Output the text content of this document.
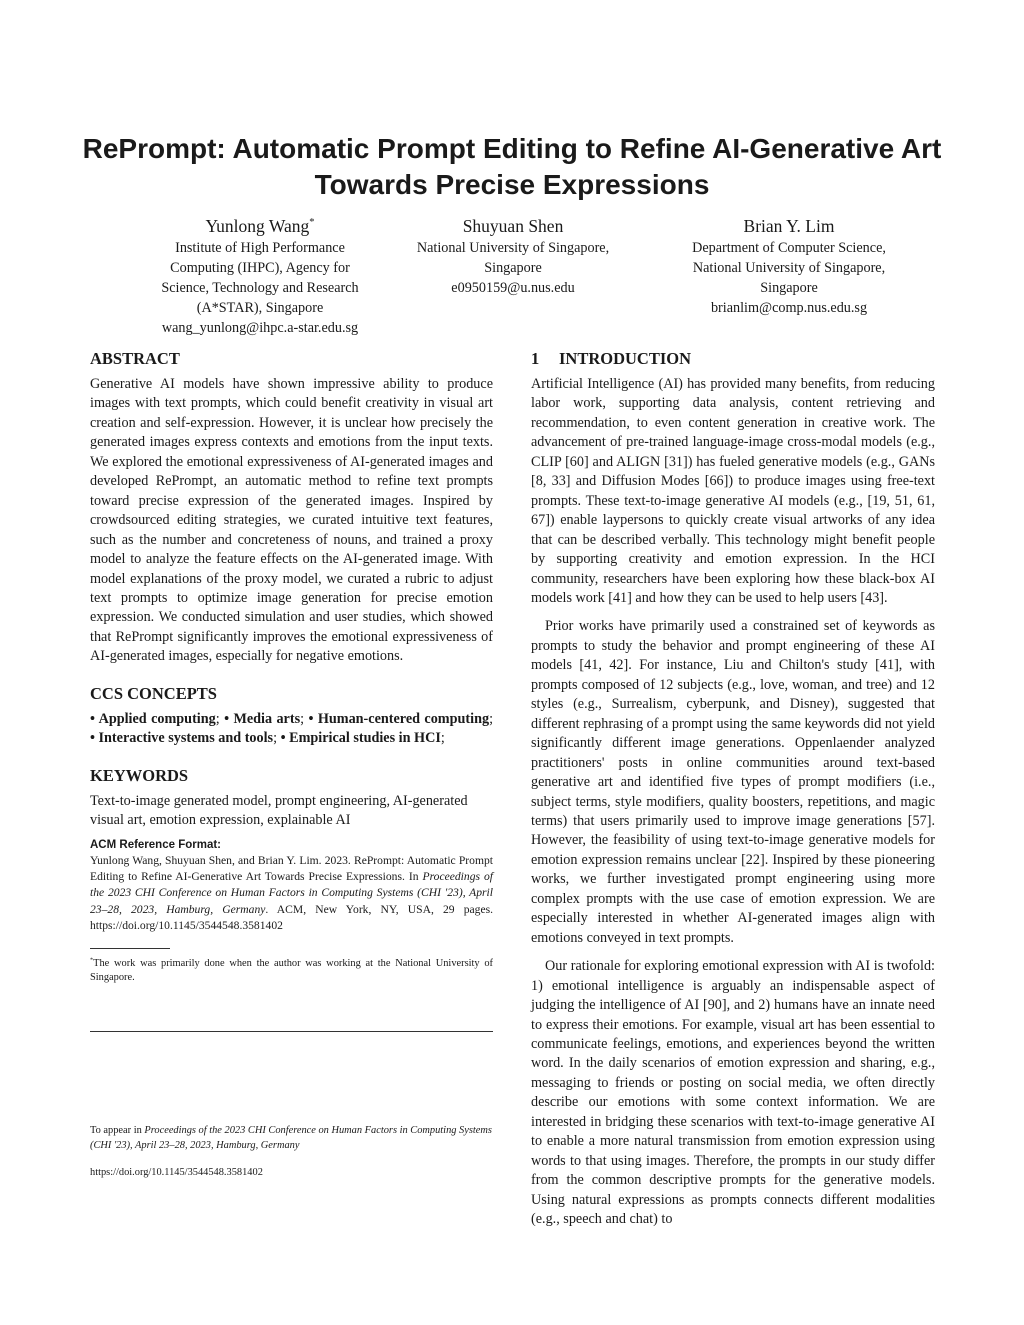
RePrompt: Automatic Prompt Editing to Refine AI-Generative Art
Towards Precise Expressions
Yunlong Wang*
Institute of High Performance
Computing (IHPC), Agency for
Science, Technology and Research
(A*STAR), Singapore
wang_yunlong@ihpc.a-star.edu.sg
Shuyuan Shen
National University of Singapore,
Singapore
e0950159@u.nus.edu
Brian Y. Lim
Department of Computer Science,
National University of Singapore,
Singapore
brianlim@comp.nus.edu.sg
ABSTRACT

Generative AI models have shown impressive ability to produce images with text prompts, which could benefit creativity in visual art creation and self-expression. However, it is unclear how precisely the generated images express contexts and emotions from the input texts. We explored the emotional expressiveness of AI-generated images and developed RePrompt, an automatic method to refine text prompts toward precise expression of the generated images. Inspired by crowdsourced editing strategies, we curated intuitive text features, such as the number and concreteness of nouns, and trained a proxy model to analyze the feature effects on the AI-generated image. With model explanations of the proxy model, we curated a rubric to adjust text prompts to optimize image generation for precise emotion expression. We conducted simulation and user studies, which showed that RePrompt significantly improves the emotional expressiveness of AI-generated images, especially for negative emotions.

CCS CONCEPTS
• Applied computing; • Media arts; • Human-centered computing; • Interactive systems and tools; • Empirical studies in HCI;
KEYWORDS

Text-to-image generated model, prompt engineering, AI-generated visual art, emotion expression, explainable AI

ACM Reference Format:
Yunlong Wang, Shuyuan Shen, and Brian Y. Lim. 2023. RePrompt: Automatic Prompt Editing to Refine AI-Generative Art Towards Precise Expressions. In Proceedings of the 2023 CHI Conference on Human Factors in Computing Systems (CHI '23), April 23–28, 2023, Hamburg, Germany. ACM, New York, NY, USA, 29 pages. https://doi.org/10.1145/3544548.3581402
*The work was primarily done when the author was working at the National University of Singapore.
To appear in Proceedings of the 2023 CHI Conference on Human Factors in Computing Systems (CHI '23), April 23–28, 2023, Hamburg, Germany
https://doi.org/10.1145/3544548.3581402
1 INTRODUCTION

Artificial Intelligence (AI) has provided many benefits, from reducing labor work, supporting data analysis, content retrieving and recommendation, to even content generation in creative work. The advancement of pre-trained language-image cross-modal models (e.g., CLIP [60] and ALIGN [31]) has fueled generative models (e.g., GANs [8, 33] and Diffusion Modes [66]) to produce images using free-text prompts. These text-to-image generative AI models (e.g., [19, 51, 61, 67]) enable laypersons to quickly create visual artworks of any idea that can be described verbally. This technology might benefit people by supporting creativity and emotion expression. In the HCI community, researchers have been exploring how these black-box AI models work [41] and how they can be used to help users [43].

Prior works have primarily used a constrained set of keywords as prompts to study the behavior and prompt engineering of these AI models [41, 42]. For instance, Liu and Chilton's study [41], with prompts composed of 12 subjects (e.g., love, woman, and tree) and 12 styles (e.g., Surrealism, cyberpunk, and Disney), suggested that different rephrasing of a prompt using the same keywords did not yield significantly different image generations. Oppenlaender analyzed practitioners' posts in online communities around text-based generative art and identified five types of prompt modifiers (i.e., subject terms, style modifiers, quality boosters, repetitions, and magic terms) that users primarily used to improve image generations [57]. However, the feasibility of using text-to-image generative models for emotion expression remains unclear [22]. Inspired by these pioneering works, we further investigated prompt engineering using more complex prompts with the use case of emotion expression. We are especially interested in whether AI-generated images align with emotions conveyed in text prompts.

Our rationale for exploring emotional expression with AI is twofold: 1) emotional intelligence is arguably an indispensable aspect of judging the intelligence of AI [90], and 2) humans have an innate need to express their emotions. For example, visual art has been essential to communicate feelings, emotions, and experiences beyond the written word. In the daily scenarios of emotion expression and sharing, e.g., messaging to friends or posting on social media, we often directly describe our emotions with some context information. We are interested in bridging these scenarios with text-to-image generative AI to enable a more natural transmission from emotion expression using words to that using images. Therefore, the prompts in our study differ from the common descriptive prompts for the generative models. Using natural expressions as prompts connects different modalities (e.g., speech and chat) to
